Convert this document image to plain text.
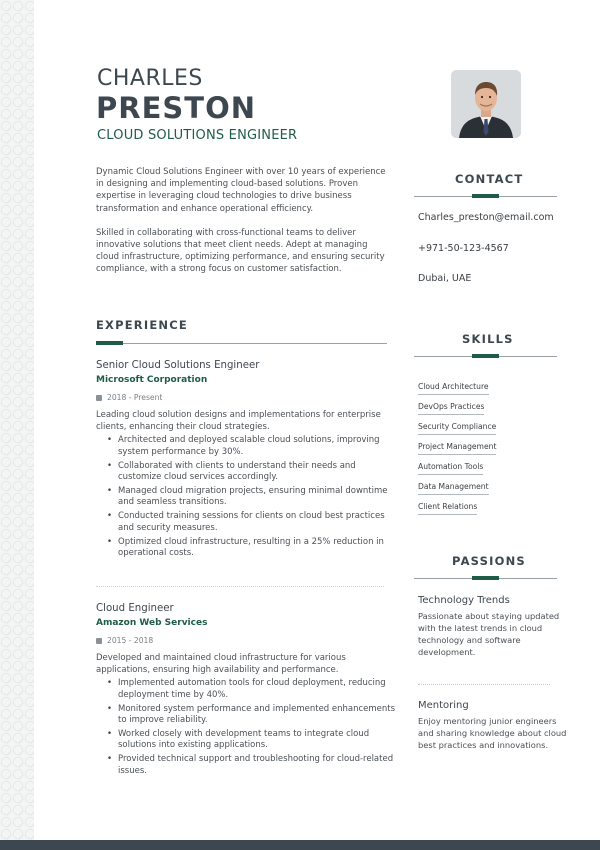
CHARLES
PRESTON
CLOUD SOLUTIONS ENGINEER

Dynamic Cloud Solutions Engineer with over 10 years of experience in designing and implementing cloud-based solutions. Proven expertise in leveraging cloud technologies to drive business transformation and enhance operational efficiency.

Skilled in collaborating with cross-functional teams to deliver innovative solutions that meet client needs. Adept at managing cloud infrastructure, optimizing performance, and ensuring security compliance, with a strong focus on customer satisfaction.

CONTACT
Charles_preston@email.com
+971-50-123-4567
Dubai, UAE
SKILLS
Cloud Architecture
DevOps Practices
Security Compliance
Project Management
Automation Tools
Data Management
Client Relations
PASSIONS
Technology Trends
Passionate about staying updated with the latest trends in cloud technology and software development.
Mentoring
Enjoy mentoring junior engineers and sharing knowledge about cloud best practices and innovations.
EXPERIENCE
Senior Cloud Solutions Engineer
Microsoft Corporation
2018 - Present
Leading cloud solution designs and implementations for enterprise clients, enhancing their cloud strategies.
• Architected and deployed scalable cloud solutions, improving system performance by 30%.
• Collaborated with clients to understand their needs and customize cloud services accordingly.
• Managed cloud migration projects, ensuring minimal downtime and seamless transitions.
• Conducted training sessions for clients on cloud best practices and security measures.
• Optimized cloud infrastructure, resulting in a 25% reduction in operational costs.
Cloud Engineer
Amazon Web Services
2015 - 2018
Developed and maintained cloud infrastructure for various applications, ensuring high availability and performance.
• Implemented automation tools for cloud deployment, reducing deployment time by 40%.
• Monitored system performance and implemented enhancements to improve reliability.
• Worked closely with development teams to integrate cloud solutions into existing applications.
• Provided technical support and troubleshooting for cloud-related issues.
